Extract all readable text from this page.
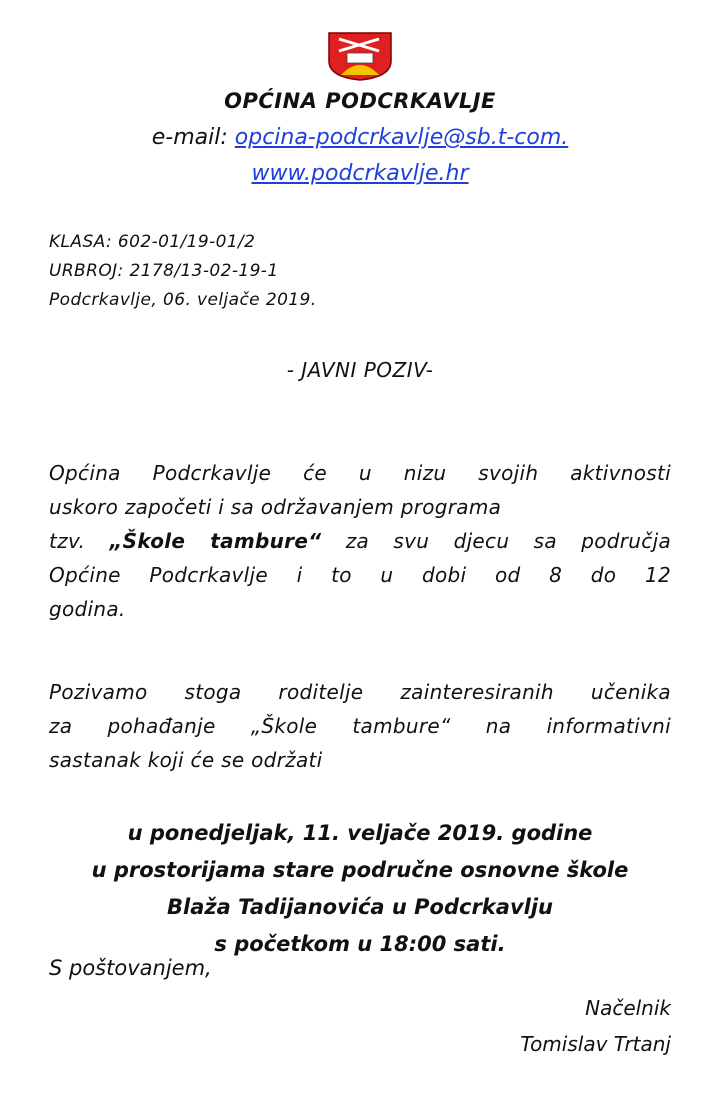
OPĆINA PODCRKAVLJE
e-mail: opcina-podcrkavlje@sb.t-com.
www.podcrkavlje.hr
KLASA: 602-01/19-01/2
URBROJ: 2178/13-02-19-1
Podcrkavlje, 06. veljače 2019.
- JAVNI POZIV-
Općina Podcrkavlje će u nizu svojih aktivnosti
uskoro započeti i sa održavanjem programa
tzv. „Škole tambure“ za svu djecu sa područja
Općine Podcrkavlje i to u dobi od 8 do 12
godina.
Pozivamo stoga roditelje zainteresiranih učenika
za pohađanje „Škole tambure“ na informativni
sastanak koji će se održati
u ponedjeljak, 11. veljače 2019. godine
u prostorijama stare područne osnovne škole
Blaža Tadijanovića u Podcrkavlju
s početkom u 18:00 sati.
S poštovanjem,
Načelnik
Tomislav Trtanj
